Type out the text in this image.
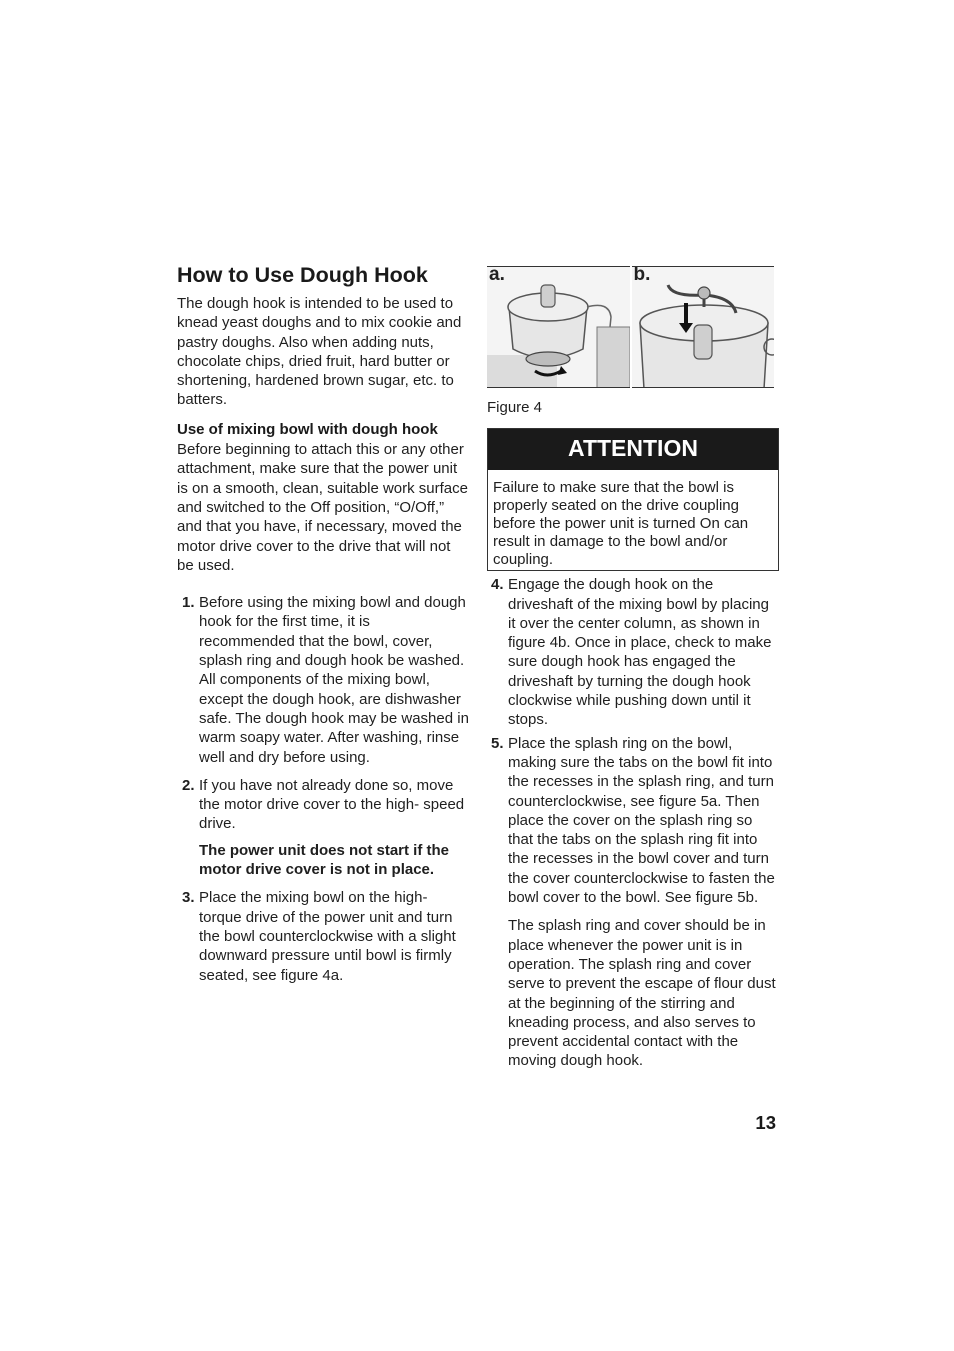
How to Use Dough Hook

The dough hook is intended to be used to knead yeast doughs and to mix cookie and pastry doughs. Also when adding nuts, chocolate chips, dried fruit, hard butter or shortening, hardened brown sugar, etc. to batters.

Use of mixing bowl with dough hook

Before beginning to attach this or any other attachment, make sure that the power unit is on a smooth, clean, suitable work surface and switched to the Off position, “O/Off,” and that you have, if necessary, moved the motor drive cover to the drive that will not be used.

1. Before using the mixing bowl and dough hook for the first time, it is recommended that the bowl, cover, splash ring and dough hook be washed. All components of the mixing bowl, except the dough hook, are dishwasher safe. The dough hook may be washed in warm soapy water. After washing, rinse well and dry before using.

2. If you have not already done so, move the motor drive cover to the high- speed drive.

The power unit does not start if the motor drive cover is not in place.

3. Place the mixing bowl on the high-torque drive of the power unit and turn the bowl counterclockwise with a slight downward pressure until bowl is firmly seated, see figure 4a.

a.	b.

Figure 4

ATTENTION
Failure to make sure that the bowl is properly seated on the drive coupling before the power unit is turned On can result in damage to the bowl and/or coupling.
4. Engage the dough hook on the driveshaft of the mixing bowl by placing it over the center column, as shown in figure 4b. Once in place, check to make sure dough hook has engaged the driveshaft by turning the dough hook clockwise while pushing down until it stops.

5. Place the splash ring on the bowl, making sure the tabs on the bowl fit into the recesses in the splash ring, and turn counterclockwise, see figure 5a. Then place the cover on the splash ring so that the tabs on the splash ring fit into the recesses in the bowl cover and turn the cover counterclockwise to fasten the bowl cover to the bowl. See figure 5b.

The splash ring and cover should be in place whenever the power unit is in operation. The splash ring and cover serve to prevent the escape of flour dust at the beginning of the stirring and kneading process, and also serves to prevent accidental contact with the moving dough hook.

13
